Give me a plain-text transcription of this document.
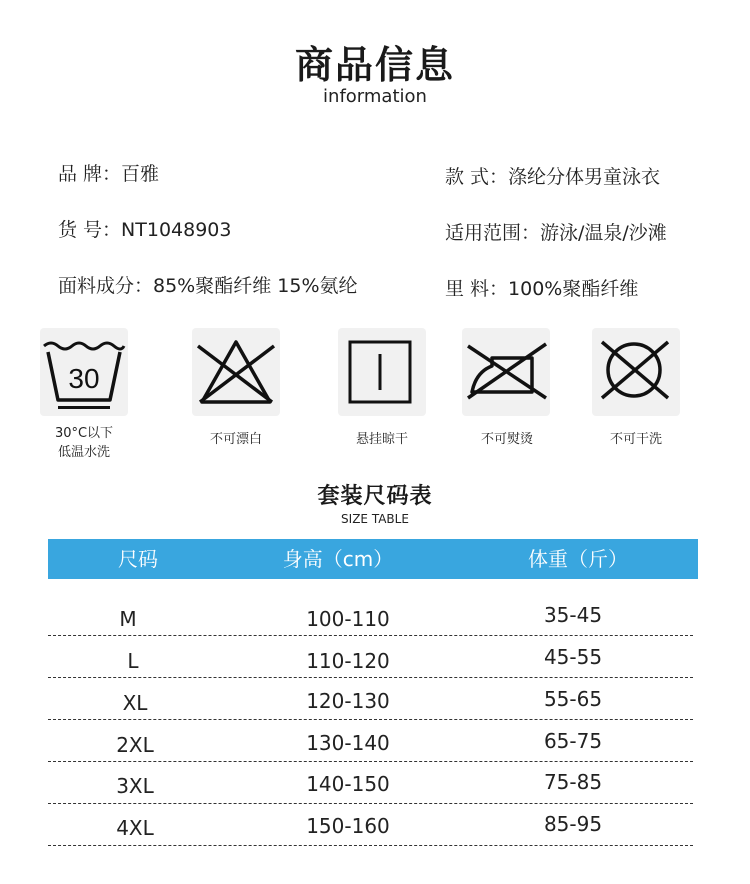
商品信息
information
品 牌：百雅	款 式：涤纶分体男童泳衣
货 号：NT1048903	适用范围：游泳/温泉/沙滩
面料成分：85%聚酯纤维 15%氨纶	里 料：100%聚酯纤维
30
30°C以下
低温水洗
不可漂白	悬挂晾干	不可熨烫	不可干洗
套装尺码表
SIZE TABLE
尺码	身高（cm）	体重（斤）
M	100-110	35-45
L	110-120	45-55
XL	120-130	55-65
2XL	130-140	65-75
3XL	140-150	75-85
4XL	150-160	85-95
